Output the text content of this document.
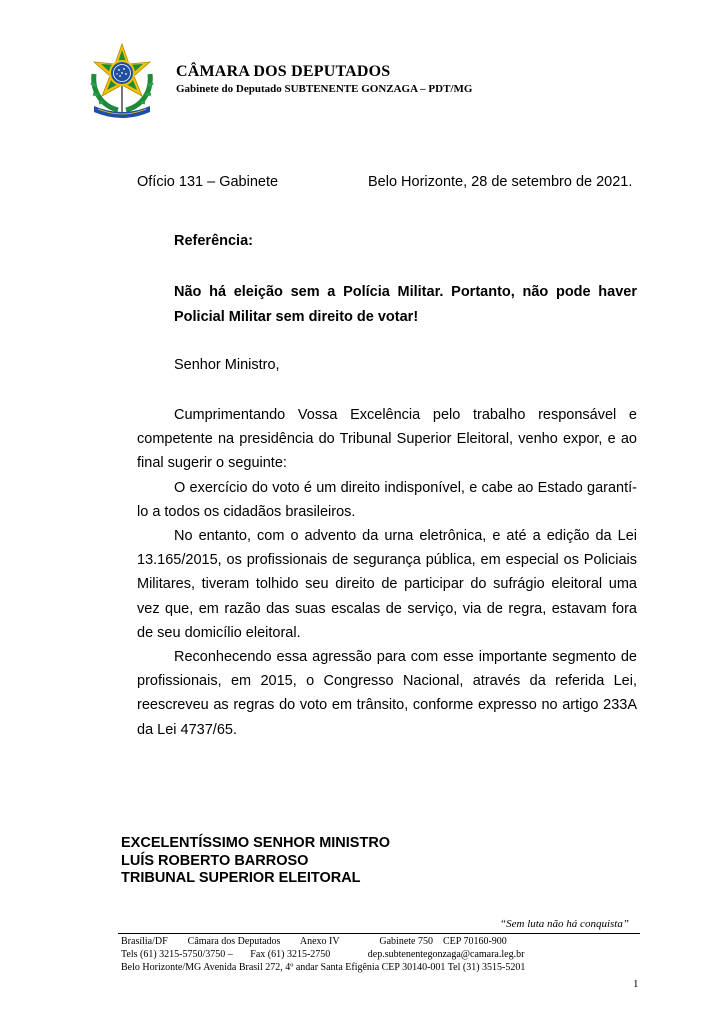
CÂMARA DOS DEPUTADOS
Gabinete do Deputado SUBTENENTE GONZAGA – PDT/MG
Ofício 131 – Gabinete	Belo Horizonte, 28 de setembro de 2021.
Referência:
Não há eleição sem a Polícia Militar. Portanto, não pode haver Policial Militar sem direito de votar!
Senhor Ministro,

Cumprimentando Vossa Excelência pelo trabalho responsável e competente na presidência do Tribunal Superior Eleitoral, venho expor, e ao final sugerir o seguinte:

O exercício do voto é um direito indisponível, e cabe ao Estado garantí-lo a todos os cidadãos brasileiros.

No entanto, com o advento da urna eletrônica, e até a edição da Lei 13.165/2015, os profissionais de segurança pública, em especial os Policiais Militares, tiveram tolhido seu direito de participar do sufrágio eleitoral uma vez que, em razão das suas escalas de serviço, via de regra, estavam fora de seu domicílio eleitoral.

Reconhecendo essa agressão para com esse importante segmento de profissionais, em 2015, o Congresso Nacional, através da referida Lei, reescreveu as regras do voto em trânsito, conforme expresso no artigo 233A da Lei 4737/65.

EXCELENTÍSSIMO SENHOR MINISTRO
LUÍS ROBERTO BARROSO
TRIBUNAL SUPERIOR ELEITORAL
“Sem luta não há conquista”
Brasília/DF        Câmara dos Deputados        Anexo IV                Gabinete 750    CEP 70160-900
Tels (61) 3215-5750/3750 –       Fax (61) 3215-2750               dep.subtenentegonzaga@camara.leg.br
Belo Horizonte/MG Avenida Brasil 272, 4º andar Santa Efigênia CEP 30140-001 Tel (31) 3515-5201
1
